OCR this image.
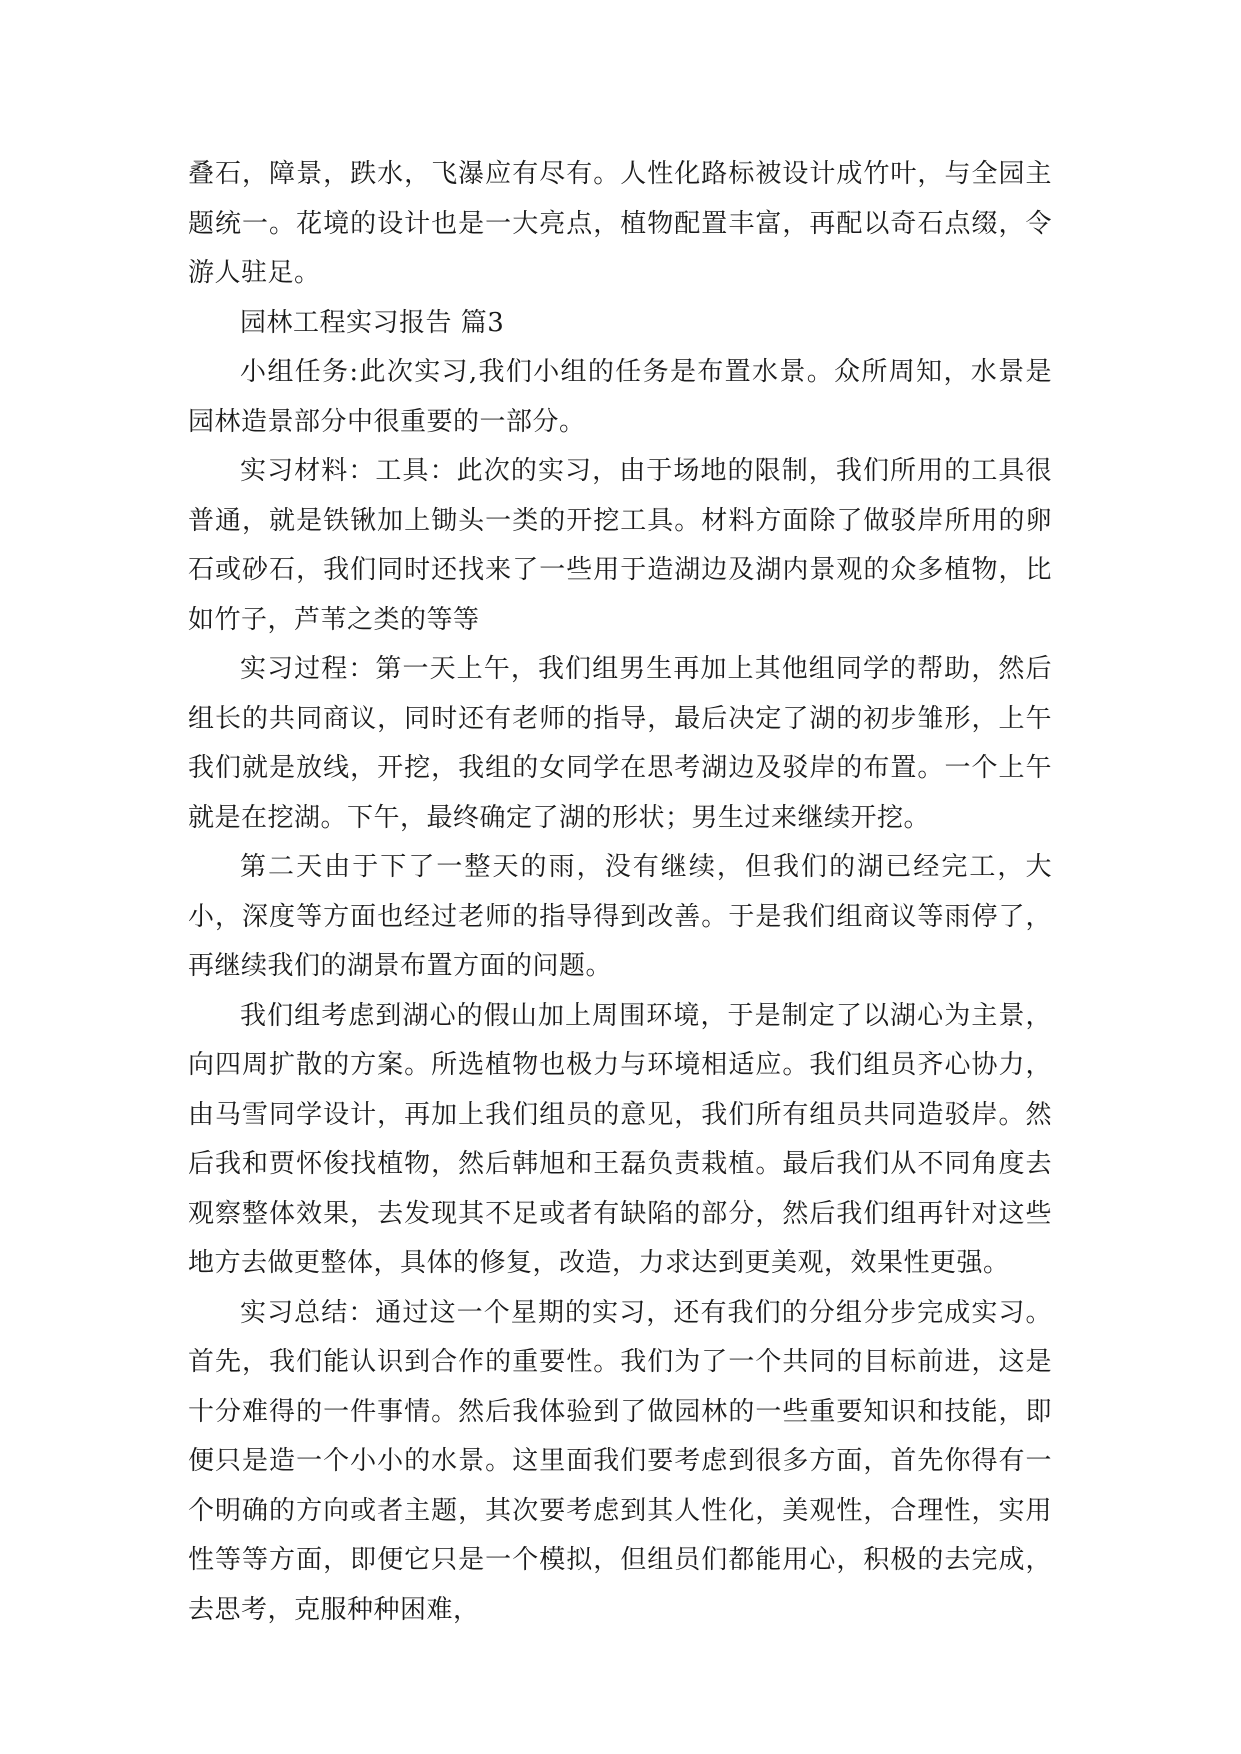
叠石，障景，跌水，飞瀑应有尽有。人性化路标被设计成竹叶，与全园主题统一。花境的设计也是一大亮点，植物配置丰富，再配以奇石点缀，令游人驻足。

园林工程实习报告 篇3

小组任务:此次实习,我们小组的任务是布置水景。众所周知，水景是园林造景部分中很重要的一部分。

实习材料：工具：此次的实习，由于场地的限制，我们所用的工具很普通，就是铁锹加上锄头一类的开挖工具。材料方面除了做驳岸所用的卵石或砂石，我们同时还找来了一些用于造湖边及湖内景观的众多植物，比如竹子，芦苇之类的等等

实习过程：第一天上午，我们组男生再加上其他组同学的帮助，然后组长的共同商议，同时还有老师的指导，最后决定了湖的初步雏形，上午我们就是放线，开挖，我组的女同学在思考湖边及驳岸的布置。一个上午就是在挖湖。下午，最终确定了湖的形状；男生过来继续开挖。

第二天由于下了一整天的雨，没有继续，但我们的湖已经完工，大小，深度等方面也经过老师的指导得到改善。于是我们组商议等雨停了，再继续我们的湖景布置方面的问题。

我们组考虑到湖心的假山加上周围环境，于是制定了以湖心为主景，向四周扩散的方案。所选植物也极力与环境相适应。我们组员齐心协力，由马雪同学设计，再加上我们组员的意见，我们所有组员共同造驳岸。然后我和贾怀俊找植物，然后韩旭和王磊负责栽植。最后我们从不同角度去观察整体效果，去发现其不足或者有缺陷的部分，然后我们组再针对这些地方去做更整体，具体的修复，改造，力求达到更美观，效果性更强。

实习总结：通过这一个星期的实习，还有我们的分组分步完成实习。首先，我们能认识到合作的重要性。我们为了一个共同的目标前进，这是十分难得的一件事情。然后我体验到了做园林的一些重要知识和技能，即便只是造一个小小的水景。这里面我们要考虑到很多方面，首先你得有一个明确的方向或者主题，其次要考虑到其人性化，美观性，合理性，实用性等等方面，即便它只是一个模拟，但组员们都能用心，积极的去完成，去思考，克服种种困难，
